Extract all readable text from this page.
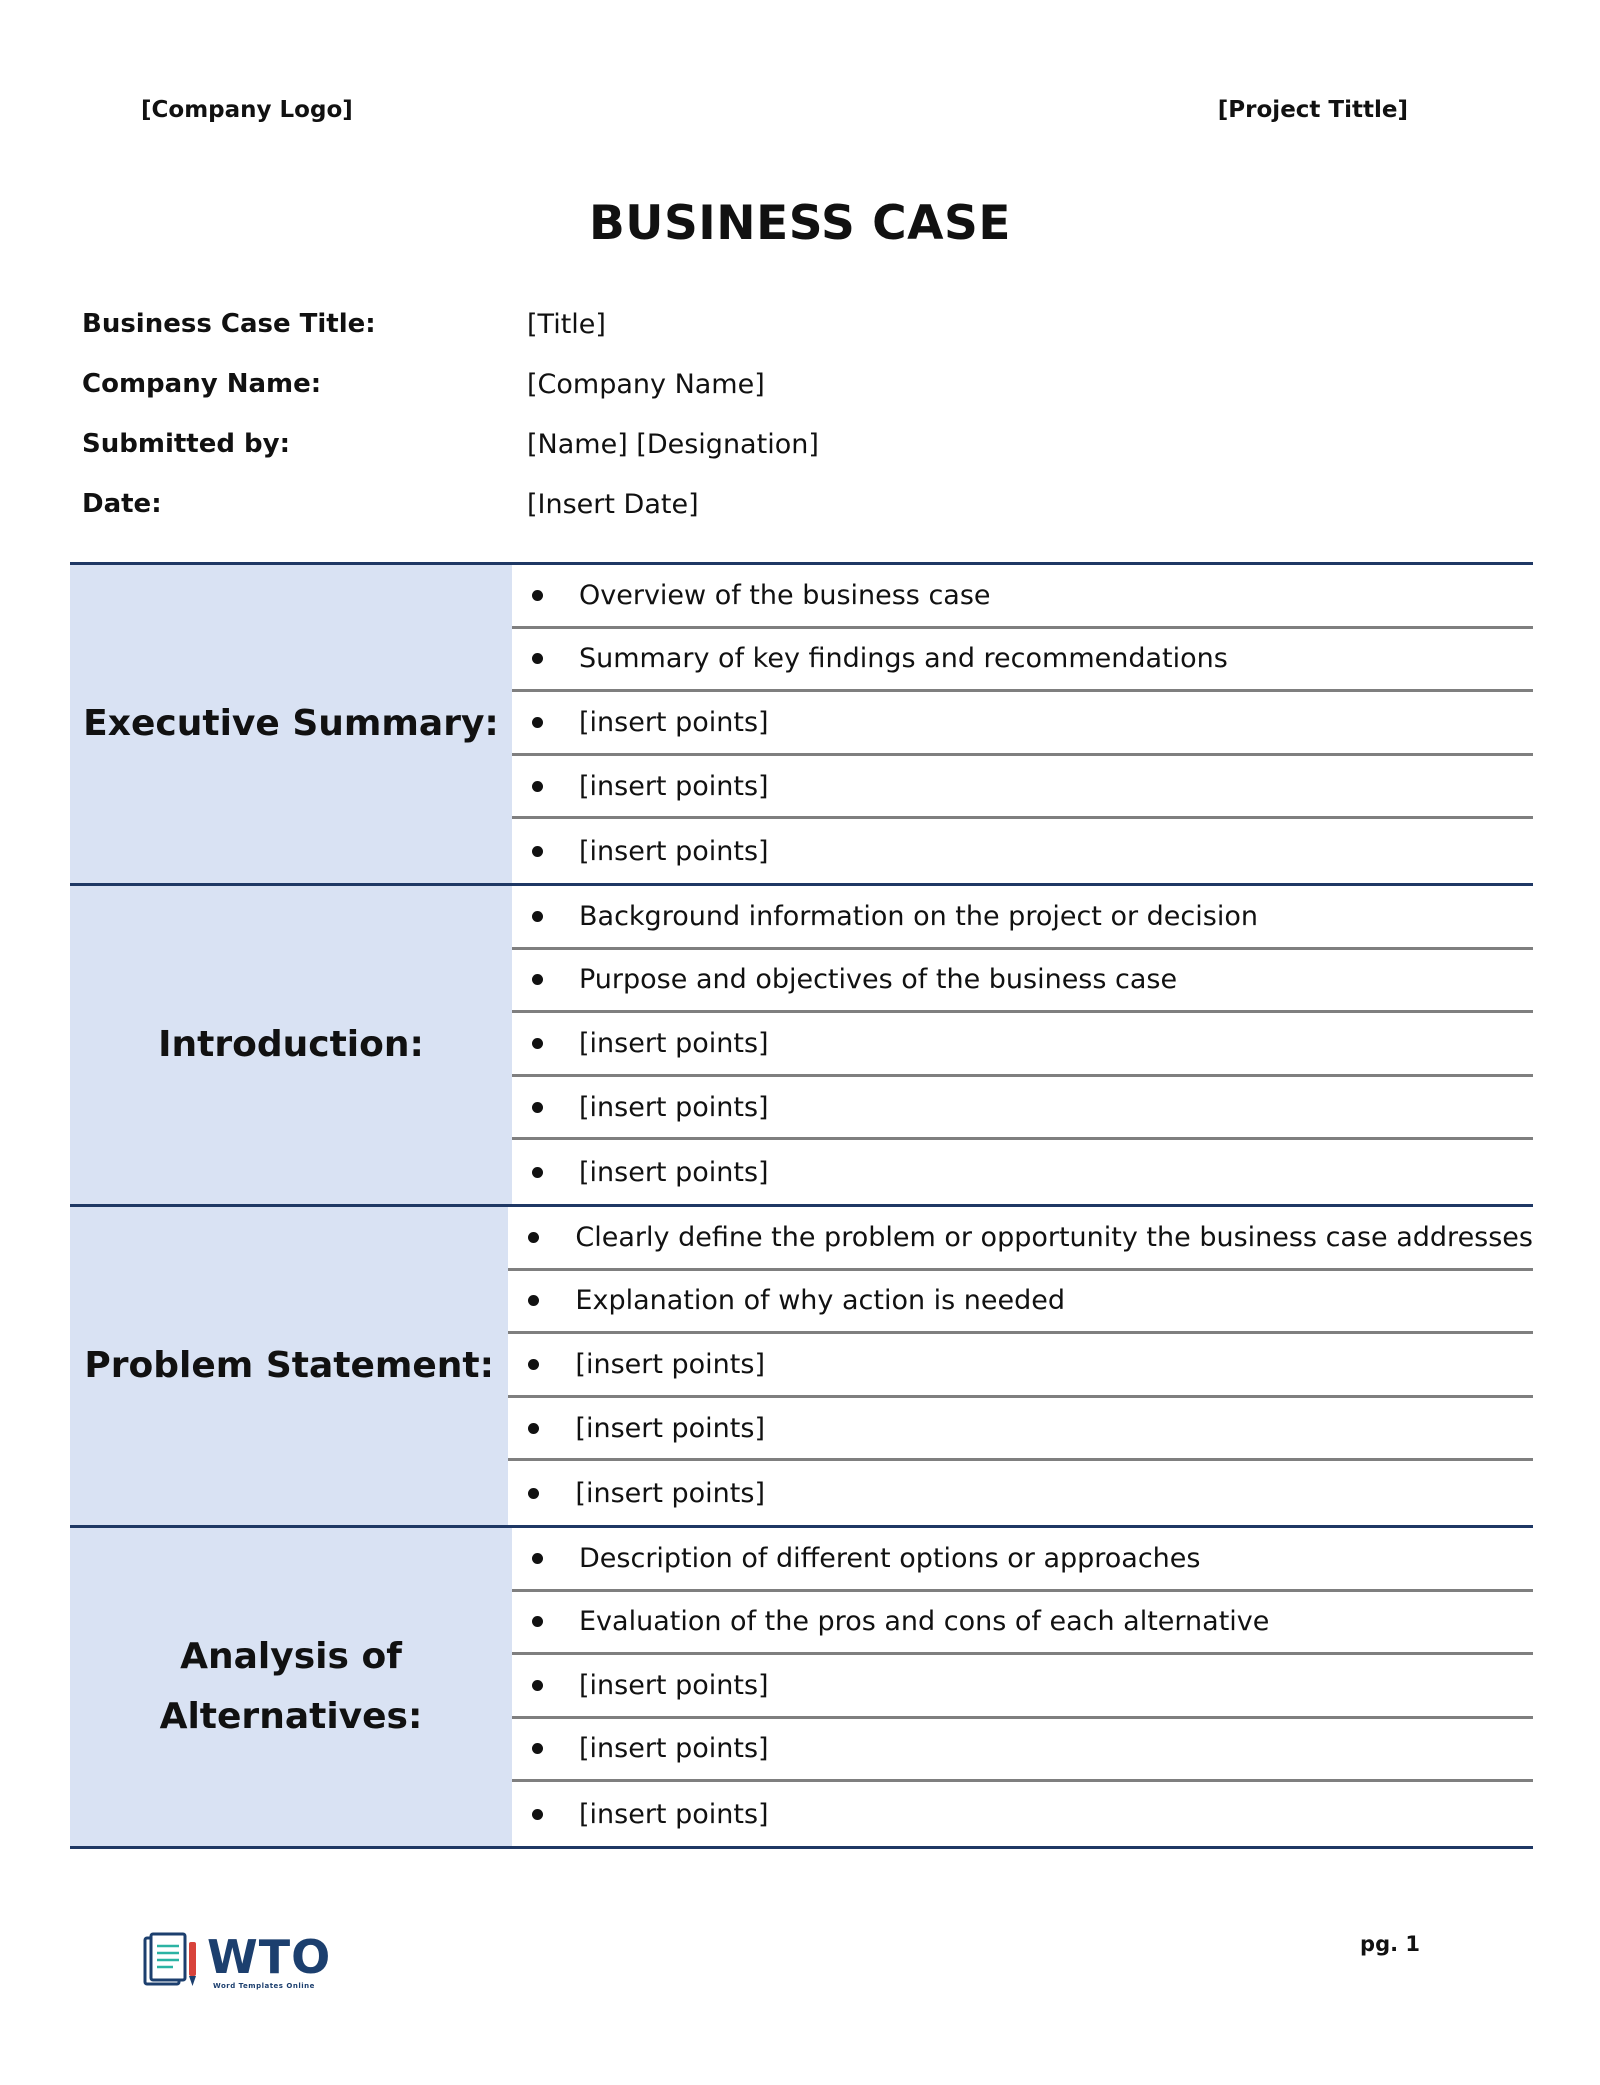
[Company Logo]	[Project Tittle]
BUSINESS CASE
Business Case Title:	[Title]
Company Name:	[Company Name]
Submitted by:	[Name] [Designation]
Date:	[Insert Date]
Executive Summary:
Overview of the business case
Summary of key findings and recommendations
[insert points]
[insert points]
[insert points]
Introduction:
Background information on the project or decision
Purpose and objectives of the business case
[insert points]
[insert points]
[insert points]
Problem Statement:
Clearly define the problem or opportunity the business case addresses
Explanation of why action is needed
[insert points]
[insert points]
[insert points]
Analysis of Alternatives:
Description of different options or approaches
Evaluation of the pros and cons of each alternative
[insert points]
[insert points]
[insert points]
WTO
Word Templates Online
pg. 1
